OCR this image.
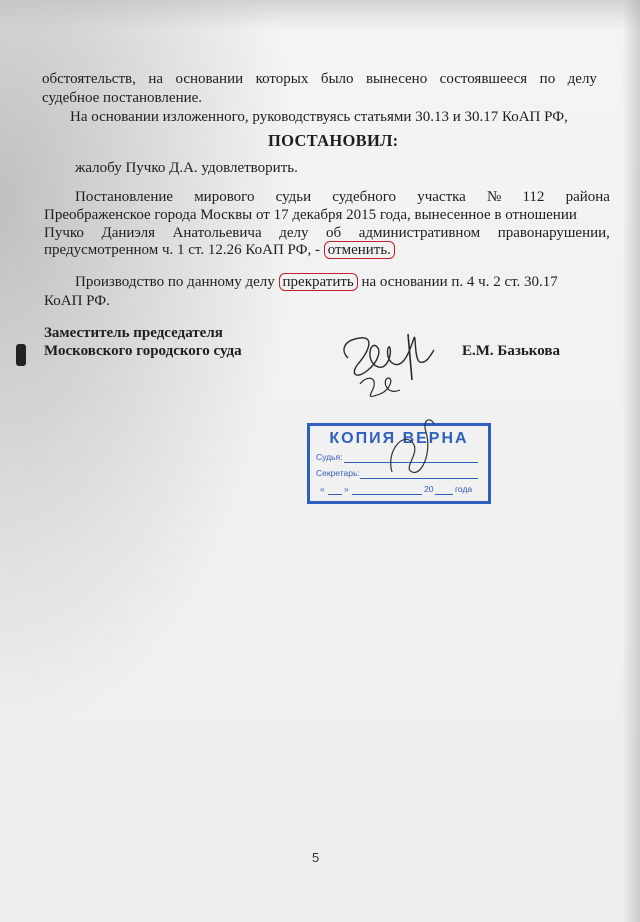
обстоятельств, на основании которых было вынесено состоявшееся по делу
судебное постановление.
На основании изложенного, руководствуясь статьями 30.13 и 30.17 КоАП РФ,
ПОСТАНОВИЛ:
жалобу Пучко Д.А. удовлетворить.
Постановление мирового судьи судебного участка № 112 района
Преображенское города Москвы от 17 декабря 2015 года, вынесенное в отношении
Пучко Даниэля Анатольевича делу об административном правонарушении,
предусмотренном ч. 1 ст. 12.26 КоАП РФ, - отменить.
Производство по данному делу прекратить на основании п. 4 ч. 2 ст. 30.17
КоАП РФ.
Заместитель председателя
Московского городского суда	Е.М. Базькова
КОПИЯ ВЕРНА
Судья:
Секретарь:
« »	20	года
5
